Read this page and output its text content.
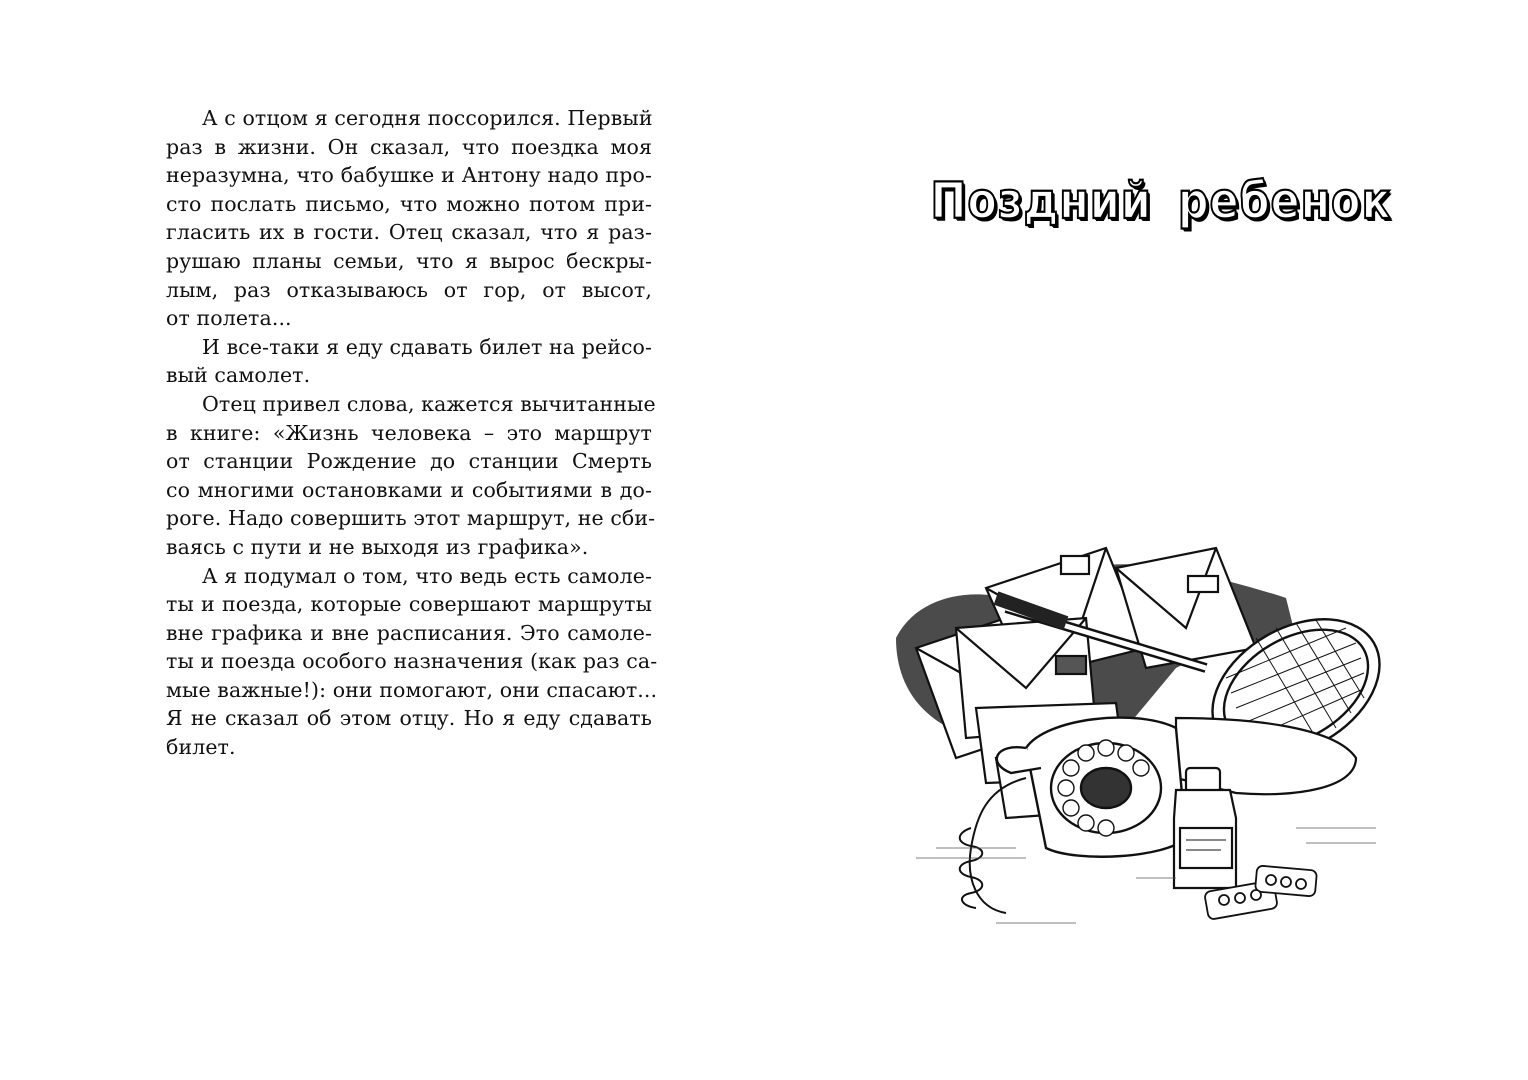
А с отцом я сегодня поссорился. Первый
раз в жизни. Он сказал, что поездка моя
неразумна, что бабушке и Антону надо про-
сто послать письмо, что можно потом при-
гласить их в гости. Отец сказал, что я раз-
рушаю планы семьи, что я вырос бескры-
лым, раз отказываюсь от гор, от высот,
от полета...
И все-таки я еду сдавать билет на рейсо-
вый самолет.
Отец привел слова, кажется вычитанные
в книге: «Жизнь человека – это маршрут
от станции Рождение до станции Смерть
со многими остановками и событиями в до-
роге. Надо совершить этот маршрут, не сби-
ваясь с пути и не выходя из графика».
А я подумал о том, что ведь есть самоле-
ты и поезда, которые совершают маршруты
вне графика и вне расписания. Это самоле-
ты и поезда особого назначения (как раз са-
мые важные!): они помогают, они спасают...
Я не сказал об этом отцу. Но я еду сдавать
билет.
Поздний ребенок
